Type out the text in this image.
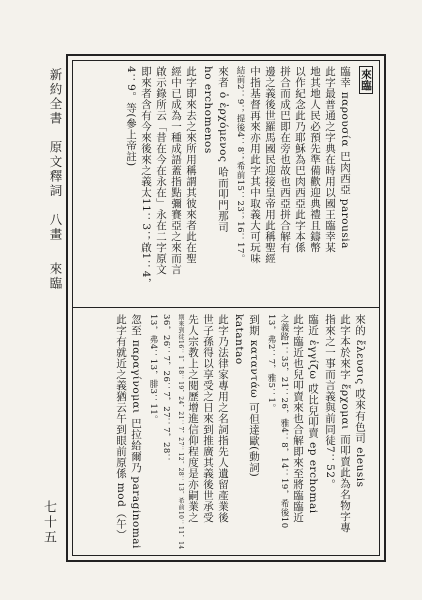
新約全書　原文釋詞　八畫  來臨
七十五
來臨
臨幸 παρουσία 巴肉西亞 parousia
此字最普通之字典在時用以國王臨幸某
地其地人民必預先準備歡迎典禮且鑄幣
以作紀念此乃耶穌為巴肉西亞此字本係
拼合而成巴即在旁也故也西亞拼合解有
邊之義後世羅馬國民迎接皇帝用此稱聖經
中指基督再來亦用此字其中取義大可玩味
結前2：9；提後4：8；希前15：23；16：17。
來者 ὁ ἐρχόμενος 哈而叩門那司
ho erchomenos
此字即來去之來所用稱謂其彼來者此在聖
經中已成為一種成語蓋指點彌賽亞之來而言
啟示錄所云「昔在今在永在」永在二字原文
即來者含有今來後來之義太11：3；啟1：4，
4：9。等(參上帝註)
來的 ἔλευσις 哎來有色司 eleusis
此字本於來字 ἔρχομαι 而叩賣此為名物字專
指來之一事而言義與前同徒7：52。
臨近 ἐγγίζω 哎比兒叩賣 ep erchomai
此字臨近也兒叩賣來也合解即來至將臨臨近
之義路1：35，21：26，雅4：8，14：19，希後10
13，弗2：7，雅5：1。
到期 καταντάω 可但達歐(動詞)
katantao
此字乃法律家專用之名詞指先人遺留產業後
世子孫得以享受之日來到推廣其義後世承受
先人宗教上之閱歷增進信仰程度是亦嗣業之
期來到徒16：1，18：19，24，21：7，27：12，28：13，希前10：11，14
36，26：7，26：7，27：7，28：
13，弗4：13，腓3：11。
忽至 παραγίνομαι 巴拉給爾乃 paraginomai
此字有就近之義猶云午到眼前原係 mod（午）
